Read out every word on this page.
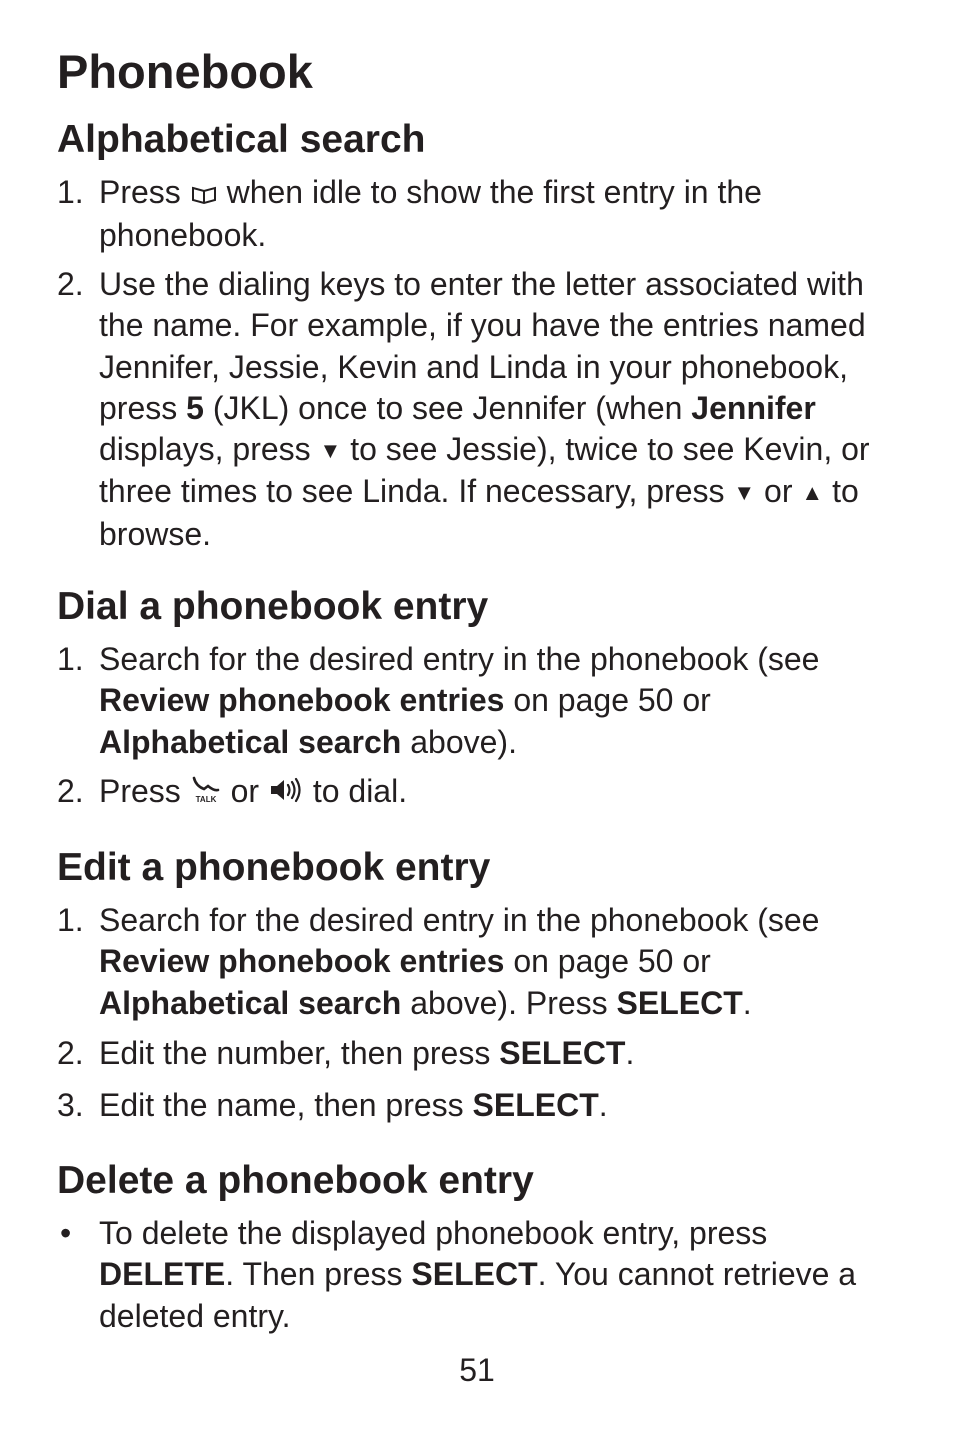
Phonebook
Alphabetical search
1. Press  when idle to show the first entry in the phonebook.
2. Use the dialing keys to enter the letter associated with the name. For example, if you have the entries named Jennifer, Jessie, Kevin and Linda in your phonebook, press 5 (JKL) once to see Jennifer (when Jennifer displays, press ▼ to see Jessie), twice to see Kevin, or three times to see Linda. If necessary, press ▼ or ▲ to browse.
Dial a phonebook entry
1. Search for the desired entry in the phonebook (see Review phonebook entries on page 50 or Alphabetical search above).
2. Press TALK or  to dial.
Edit a phonebook entry
1. Search for the desired entry in the phonebook (see Review phonebook entries on page 50 or Alphabetical search above). Press SELECT.
2. Edit the number, then press SELECT.
3. Edit the name, then press SELECT.
Delete a phonebook entry
• To delete the displayed phonebook entry, press DELETE. Then press SELECT. You cannot retrieve a deleted entry.
51
